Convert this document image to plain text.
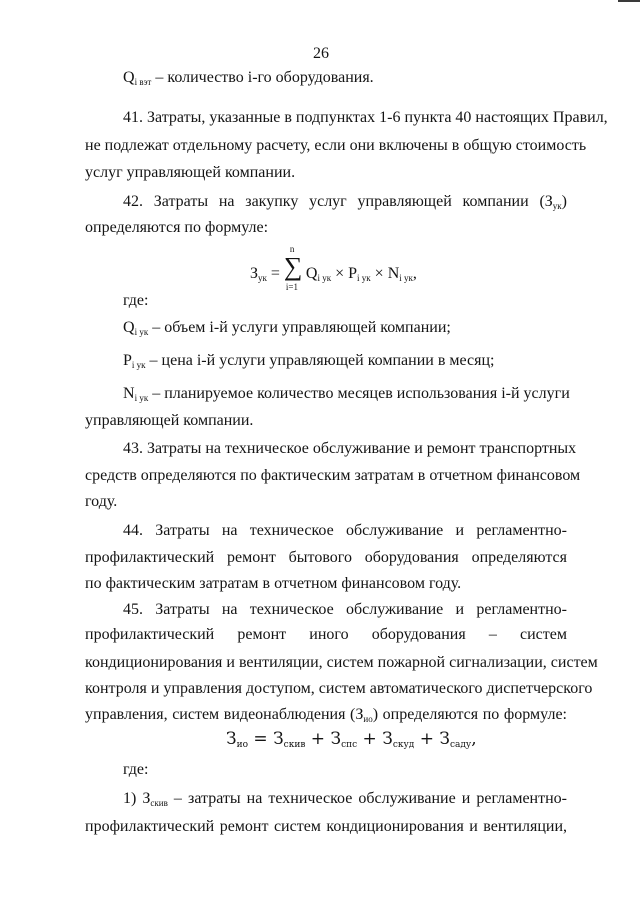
26
$Q_{i вэт}$ – количество i-го оборудования.
41. Затраты, указанные в подпунктах 1-6 пункта 40 настоящих Правил,
не подлежат отдельному расчету, если они включены в общую стоимость
услуг управляющей компании.
42. Затраты на закупку услуг управляющей компании $(З_{ук})$
определяются по формуле:
$З_{ук}$ =
n
∑
i=1
$Q_{i ук} \times P_{i ук} \times N_{i ук}$,
где:
$Q_{i ук}$ – объем i-й услуги управляющей компании;
$P_{i ук}$ – цена i-й услуги управляющей компании в месяц;
$N_{i ук}$ – планируемое количество месяцев использования i-й услуги
управляющей компании.
43. Затраты на техническое обслуживание и ремонт транспортных
средств определяются по фактическим затратам в отчетном финансовом
году.
44. Затраты на техническое обслуживание и регламентно-
профилактический ремонт бытового оборудования определяются
по фактическим затратам в отчетном финансовом году.
45. Затраты на техническое обслуживание и регламентно-
профилактический ремонт иного оборудования – систем
кондиционирования и вентиляции, систем пожарной сигнализации, систем
контроля и управления доступом, систем автоматического диспетчерского
управления, систем видеонаблюдения $(З_{ио})$ определяются по формуле:
$З_{ио} = З_{скив} + З_{спс} + З_{скуд} + З_{саду}$,
где:
1) $З_{скив}$ – затраты на техническое обслуживание и регламентно-
профилактический ремонт систем кондиционирования и вентиляции,
